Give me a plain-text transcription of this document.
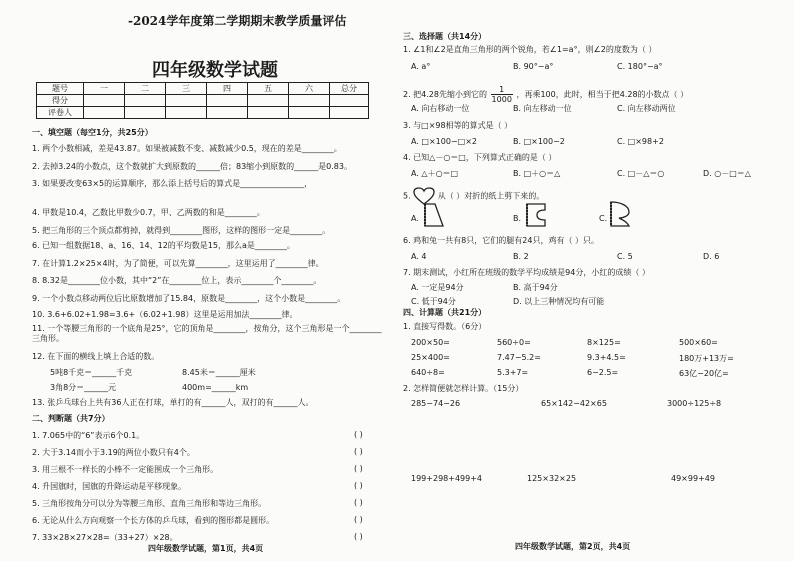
-2024学年度第二学期期末教学质量评估
四年级数学试题
题号	一	二	三	四	五	六	总分
得分							
评卷人							
一、填空题（每空1分，共25分）
1. 两个小数相减，差是43.87。如果被减数不变、减数减少0.5，现在的差是________。
2. 去掉3.24的小数点，这个数就扩大到原数的______倍；83缩小到原数的______是0.83。
3. 如果要改变63×5的运算顺序，那么添上括号后的算式是________________，
4. 甲数是10.4，乙数比甲数少0.7，甲、乙两数的和是________。
5. 把三角形的三个顶点都剪掉，就得到________图形，这样的图形一定是________。
6. 已知一组数据18、a、16、14、12的平均数是15，那么a是________。
7. 在计算1.2×25×4时，为了简便，可以先算________，这里运用了________律。
8. 8.32是________位小数，其中“2”在________位上，表示________个________。
9. 一个小数点移动两位后比原数增加了15.84，原数是________，这个小数是________。
10. 3.6+6.02+1.98=3.6+（6.02+1.98）这里是运用加法________律。
11. 一个等腰三角形的一个底角是25°，它的顶角是________，按角分，这个三角形是一个________三角形。
12. 在下面的横线上填上合适的数。
5吨8千克＝______千克	8.45米＝______厘米
3角8分＝______元	400m=______km
13. 张乒乓球台上共有36人正在打球，单打的有______人，双打的有______人。
二、判断题（共7分）
1. 7.065中的“6”表示6个0.1。	( )
2. 大于3.14而小于3.19的两位小数只有4个。	( )
3. 用三根不一样长的小棒不一定能围成一个三角形。	( )
4. 升国旗时，国旗的升降运动是平移现象。	( )
5. 三角形按角分可以分为等腰三角形、直角三角形和等边三角形。	( )
6. 无论从什么方向观察一个长方体的乒乓球，看到的图形都是圆形。	( )
7. 33×28×27×28=（33+27）×28。	( )
四年级数学试题，第1页，共4页
三、选择题（共14分）
1. ∠1和∠2是直角三角形的两个锐角，若∠1=a°，则∠2的度数为（ ）
A. a°	B. 90°−a°	C. 180°−a°
2. 把4.28先缩小到它的 $\frac{1}{1000}$ ，再乘100，此时，相当于把4.28的小数点（ ）
A. 向右移动一位	B. 向左移动一位	C. 向左移动两位
3. 与□×98相等的算式是（ ）
A. □×100−□×2	B. □×100−2	C. □×98+2
4. 已知△－○＝□，下列算式正确的是（ ）
A. △＋○＝□	B. □＋○＝△	C. □－△＝○	D. ○－□＝△
5.	从（ ）对折的纸上剪下来的。
A.	B.	C.
6. 鸡和兔一共有8只，它们的腿有24只，鸡有（ ）只。
A. 4	B. 2	C. 5	D. 6
7. 期末测试，小红所在班级的数学平均成绩是94分，小红的成绩（ ）
A. 一定是94分	B. 高于94分
C. 低于94分	D. 以上三种情况均有可能
四、计算题（共21分）
1. 直接写得数。（6分）
200×50=	560÷0=	8×125=	500×60=
25×400=	7.47−5.2=	9.3+4.5=	180万+13万=
640÷8=	5.3+7=	6−2.5=	63亿−20亿=
2. 怎样简便就怎样计算。（15分）
285−74−26	65×142−42×65	3000÷125÷8
199+298+499+4	125×32×25	49×99+49
四年级数学试题，第2页，共4页
